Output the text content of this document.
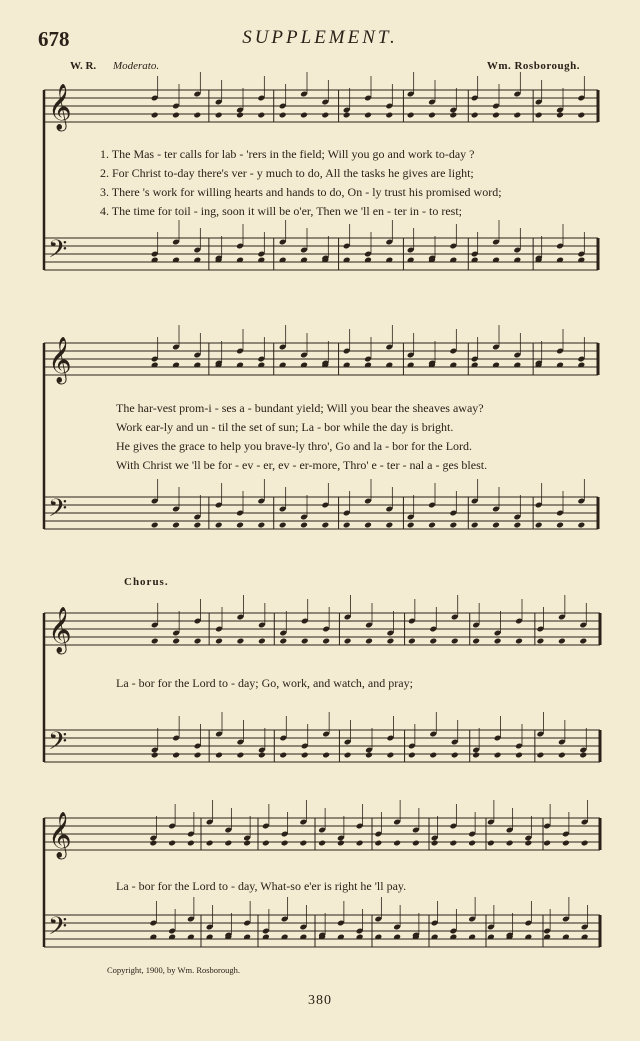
678	SUPPLEMENT.
W. R. Moderato.	Wm. Rosborough.
𝄞
𝄢
𝄞
𝄢
𝄞
𝄢
𝄞
𝄢
1. The Mas - ter calls for lab - 'rers in the field; Will you go and work to-day ?
2. For Christ to-day there's ver - y much to do, All the tasks he gives are light;
3. There 's work for willing hearts and hands to do, On - ly trust his promised word;
4. The time for toil - ing, soon it will be o'er, Then we 'll en - ter in - to rest;
The har-vest prom-i - ses a - bundant yield; Will you bear the sheaves away?
Work ear-ly and un - til the set of sun; La - bor while the day is bright.
He gives the grace to help you brave-ly thro', Go and la - bor for the Lord.
With Christ we 'll be for - ev - er, ev - er-more, Thro' e - ter - nal a - ges blest.
Chorus.
La - bor for the Lord to - day; Go, work, and watch, and pray;
La - bor for the Lord to - day, What-so e'er is right he 'll pay.
Copyright, 1900, by Wm. Rosborough.
380
